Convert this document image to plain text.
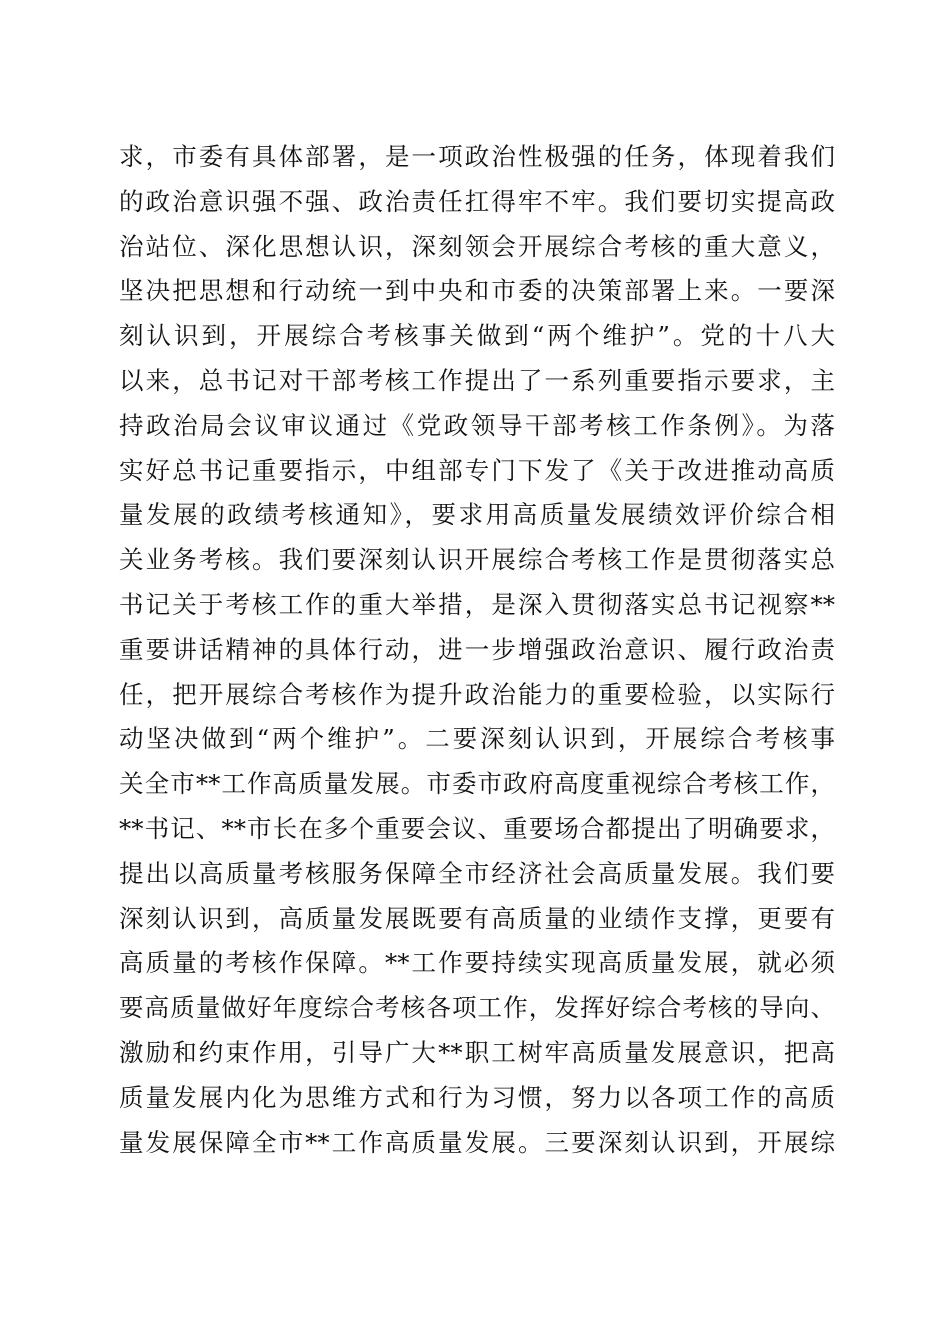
求，市委有具体部署，是一项政治性极强的任务，体现着我们
的政治意识强不强、政治责任扛得牢不牢。我们要切实提高政
治站位、深化思想认识，深刻领会开展综合考核的重大意义，
坚决把思想和行动统一到中央和市委的决策部署上来。一要深
刻认识到，开展综合考核事关做到“两个维护”。党的十八大
以来，总书记对干部考核工作提出了一系列重要指示要求，主
持政治局会议审议通过《党政领导干部考核工作条例》。为落
实好总书记重要指示，中组部专门下发了《关于改进推动高质
量发展的政绩考核通知》，要求用高质量发展绩效评价综合相
关业务考核。我们要深刻认识开展综合考核工作是贯彻落实总
书记关于考核工作的重大举措，是深入贯彻落实总书记视察**
重要讲话精神的具体行动，进一步增强政治意识、履行政治责
任，把开展综合考核作为提升政治能力的重要检验，以实际行
动坚决做到“两个维护”。二要深刻认识到，开展综合考核事
关全市**工作高质量发展。市委市政府高度重视综合考核工作，
**书记、**市长在多个重要会议、重要场合都提出了明确要求，
提出以高质量考核服务保障全市经济社会高质量发展。我们要
深刻认识到，高质量发展既要有高质量的业绩作支撑，更要有
高质量的考核作保障。**工作要持续实现高质量发展，就必须
要高质量做好年度综合考核各项工作，发挥好综合考核的导向、
激励和约束作用，引导广大**职工树牢高质量发展意识，把高
质量发展内化为思维方式和行为习惯，努力以各项工作的高质
量发展保障全市**工作高质量发展。三要深刻认识到，开展综
